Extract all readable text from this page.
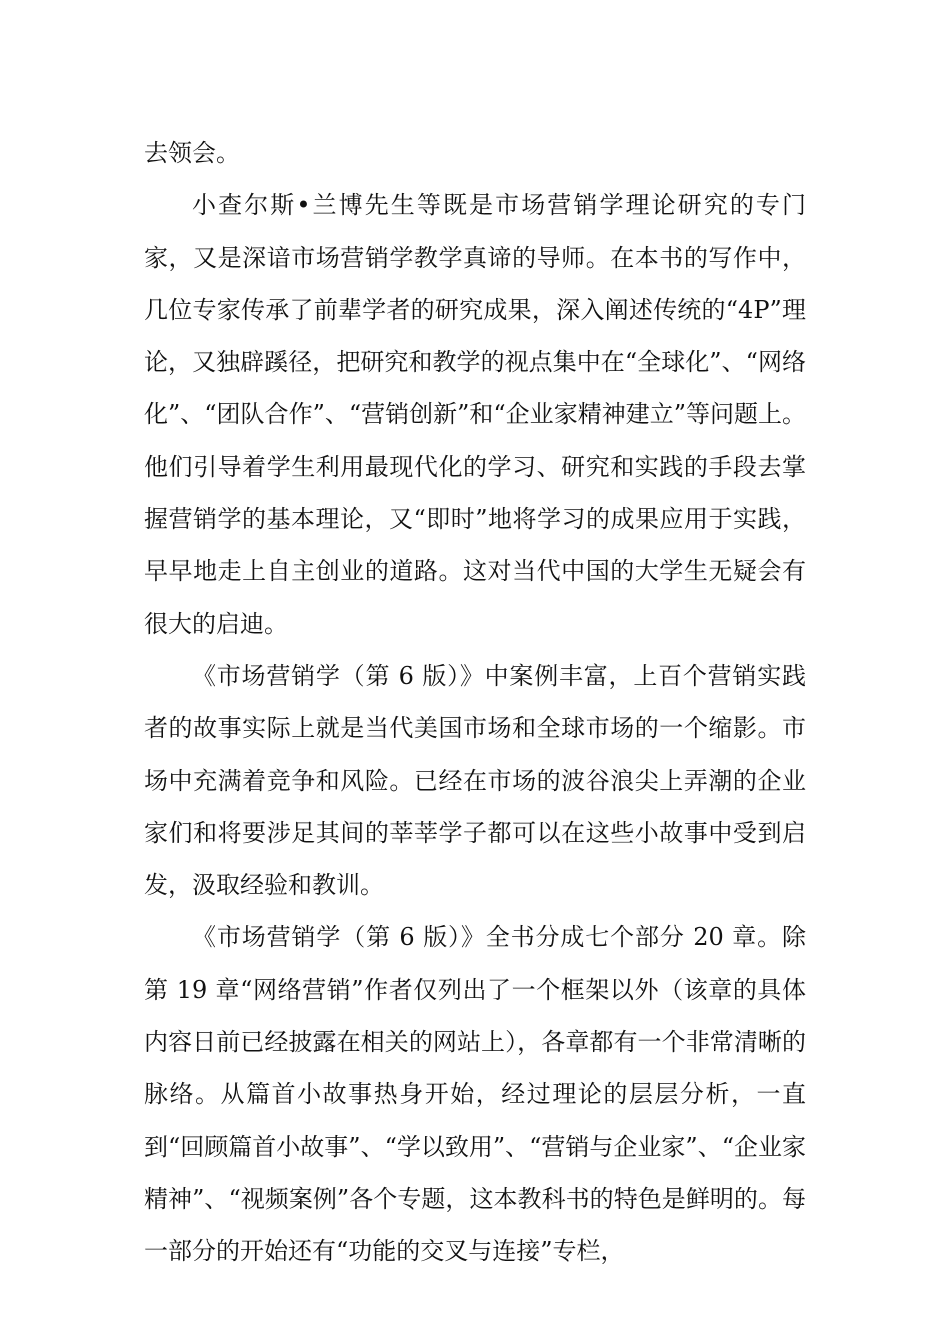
去领会。

小查尔斯•兰博先生等既是市场营销学理论研究的专门家，又是深谙市场营销学教学真谛的导师。在本书的写作中，几位专家传承了前辈学者的研究成果，深入阐述传统的“4P”理论，又独辟蹊径，把研究和教学的视点集中在“全球化”、“网络化”、“团队合作”、“营销创新”和“企业家精神建立”等问题上。他们引导着学生利用最现代化的学习、研究和实践的手段去掌握营销学的基本理论，又“即时”地将学习的成果应用于实践，早早地走上自主创业的道路。这对当代中国的大学生无疑会有很大的启迪。

《市场营销学（第 6 版）》中案例丰富，上百个营销实践者的故事实际上就是当代美国市场和全球市场的一个缩影。市场中充满着竞争和风险。已经在市场的波谷浪尖上弄潮的企业家们和将要涉足其间的莘莘学子都可以在这些小故事中受到启发，汲取经验和教训。

《市场营销学（第 6 版）》全书分成七个部分 20 章。除第 19 章“网络营销”作者仅列出了一个框架以外（该章的具体内容日前已经披露在相关的网站上），各章都有一个非常清晰的脉络。从篇首小故事热身开始，经过理论的层层分析，一直到“回顾篇首小故事”、“学以致用”、“营销与企业家”、“企业家精神”、“视频案例”各个专题，这本教科书的特色是鲜明的。每一部分的开始还有“功能的交叉与连接”专栏，
